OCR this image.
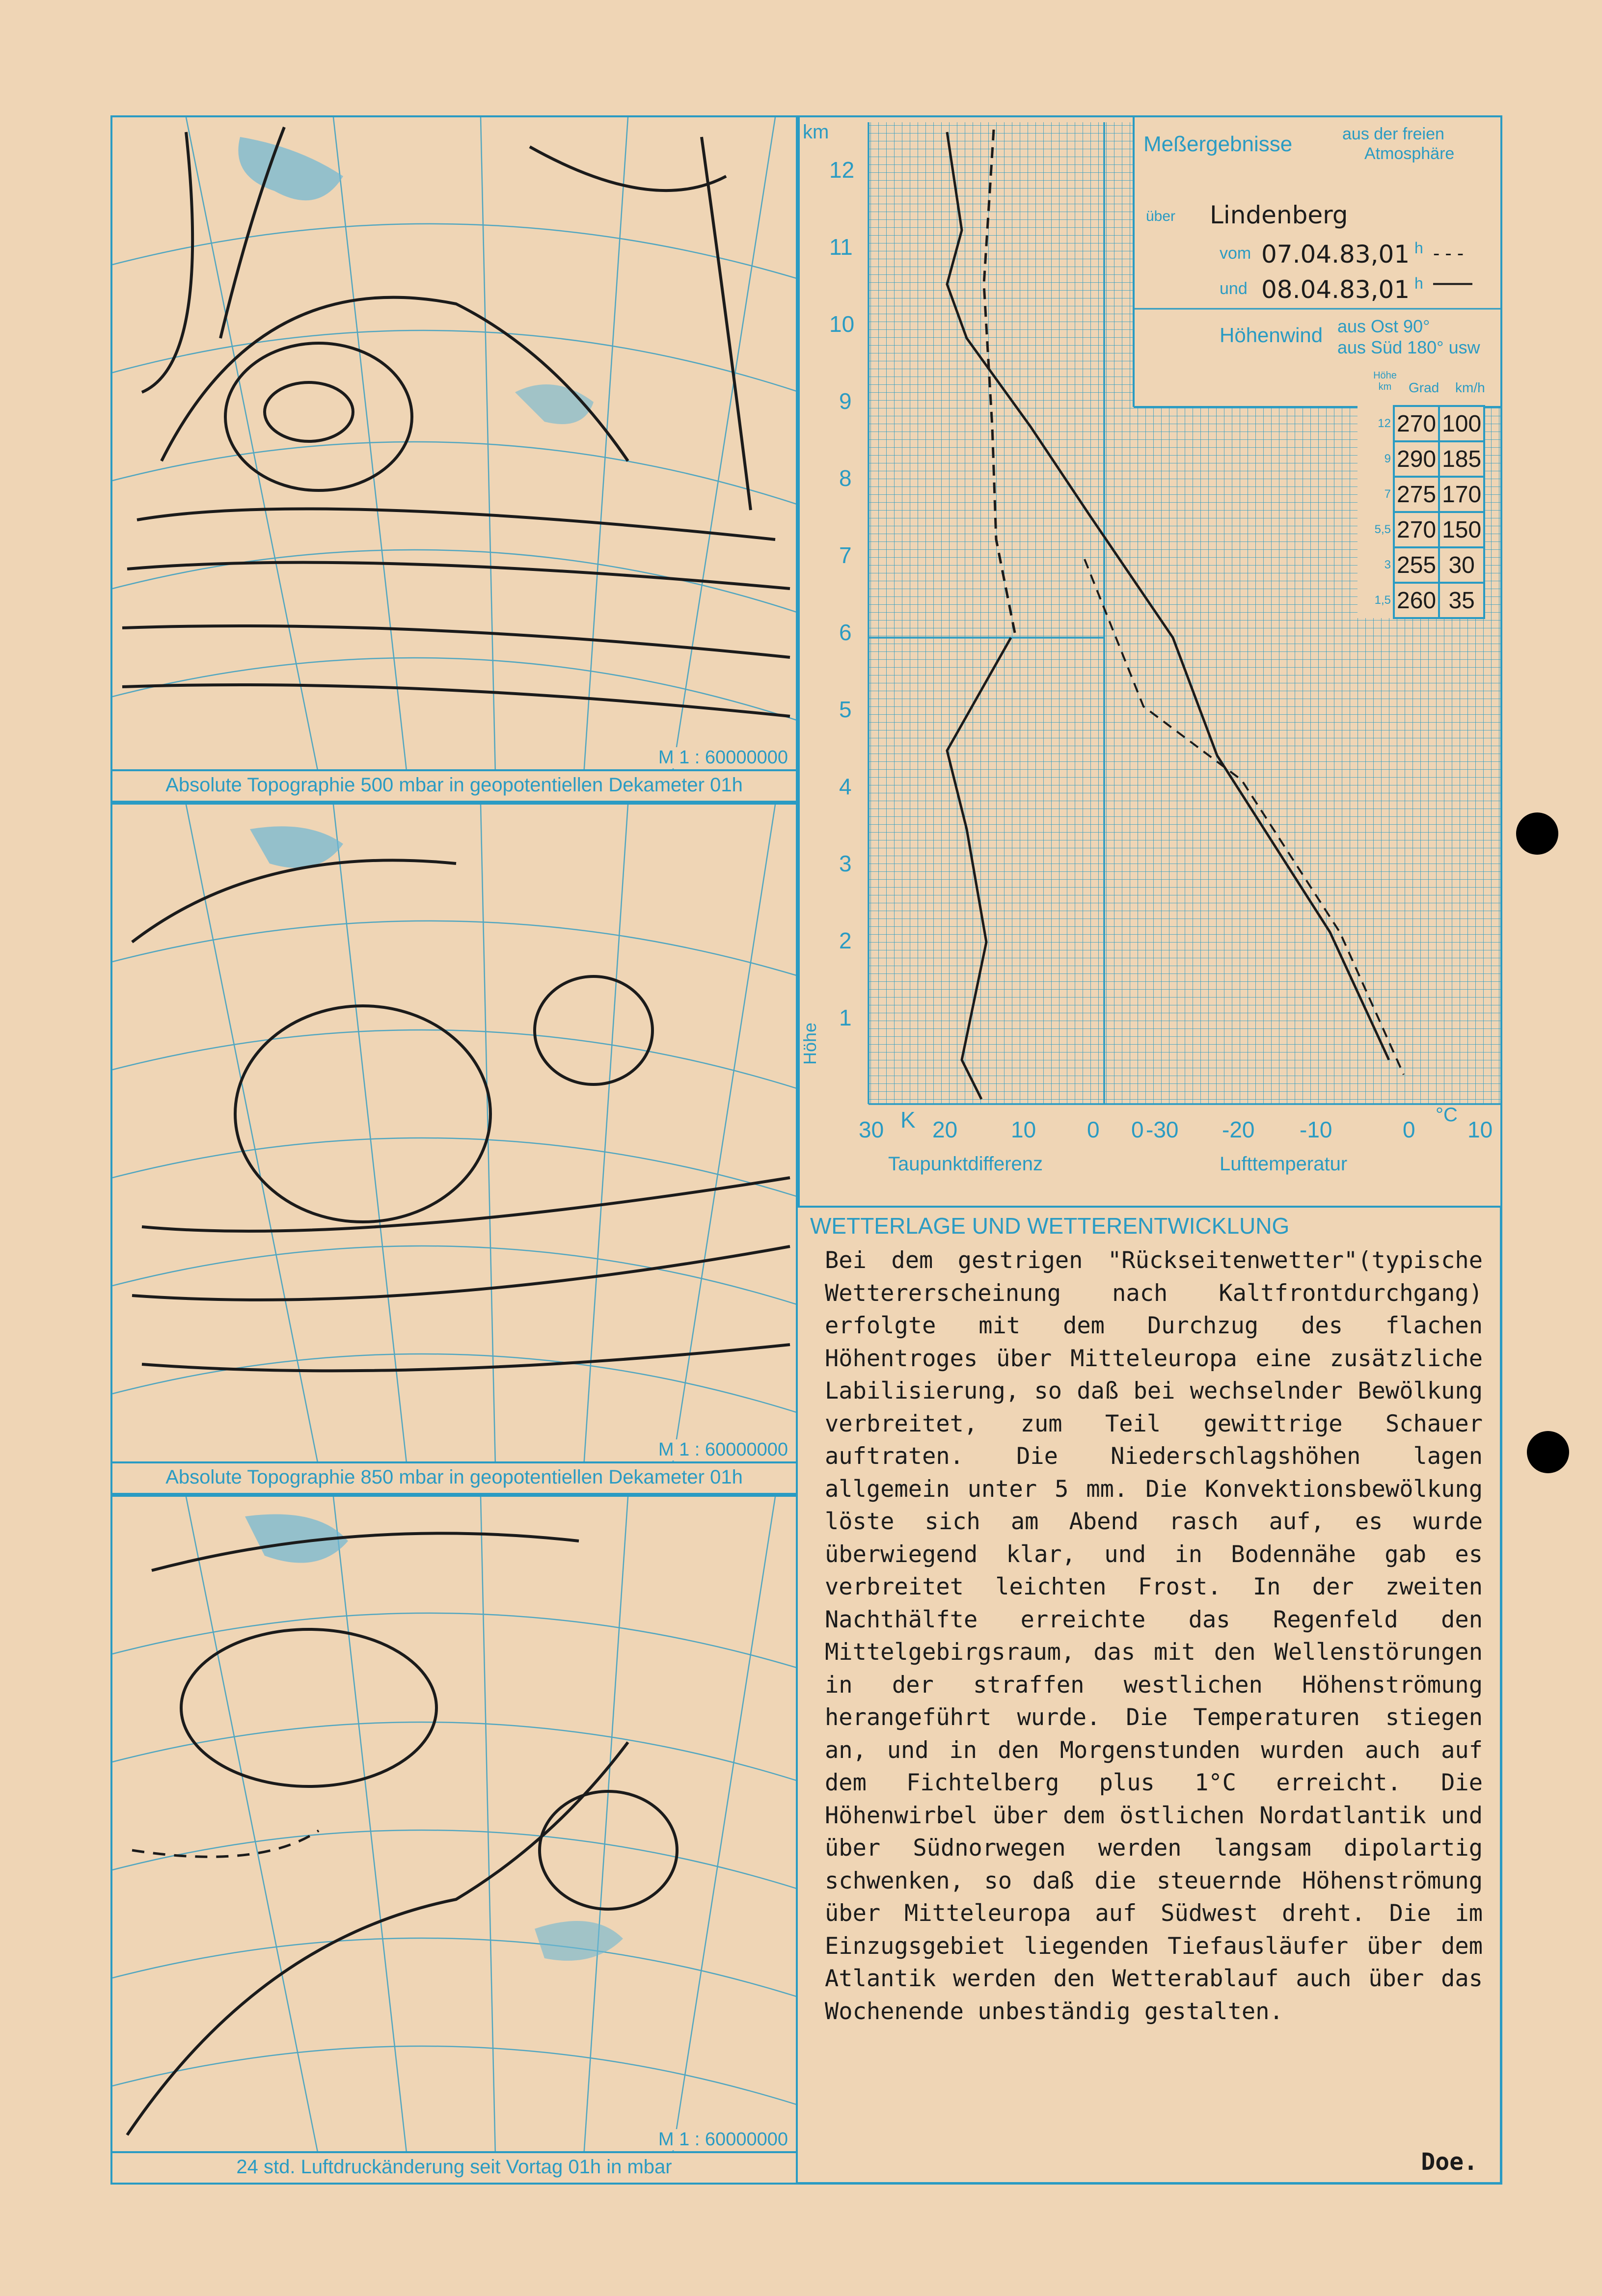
M 1 : 60000000
Absolute Topographie 500 mbar in geopotentiellen Dekameter 01h
M 1 : 60000000
Absolute Topographie 850 mbar in geopotentiellen Dekameter 01h
M 1 : 60000000
24 std. Luftdruckänderung seit Vortag 01h in mbar
km
12
11
10
9
8
7
6
5
4
3
2
1
Höhe
30 K 20 10 0 0 -30 -20 -10	0
°C
10
Taupunktdifferenz	Lufttemperatur
Meßergebnisse	aus der freien
Atmosphäre
über Lindenberg
vom 07.04.83,01 h - - -
und 08.04.83,01 h ——
Höhenwind aus Ost 90°
aus Süd 180° usw
Höhe km	Grad km/h
12	270	100
9	290	185
7	275	170
5,5	270	150
3	255	30
1,5	260	35
WETTERLAGE UND WETTERENTWICKLUNG
Bei dem gestrigen "Rückseitenwetter"(typische Wettererscheinung nach Kaltfrontdurchgang) erfolgte mit dem Durchzug des flachen Höhentroges über Mitteleuropa eine zusätzliche Labilisierung, so daß bei wechselnder Bewölkung verbreitet, zum Teil gewittrige Schauer auftraten. Die Niederschlagshöhen lagen allgemein unter 5 mm. Die Konvektionsbewölkung löste sich am Abend rasch auf, es wurde überwiegend klar, und in Bodennähe gab es verbreitet leichten Frost. In der zweiten Nachthälfte erreichte das Regenfeld den Mittelgebirgsraum, das mit den Wellenstörungen in der straffen westlichen Höhenströmung herangeführt wurde. Die Temperaturen stiegen an, und in den Morgenstunden wurden auch auf dem Fichtelberg plus 1°C erreicht. Die Höhenwirbel über dem östlichen Nordatlantik und über Südnorwegen werden langsam dipolartig schwenken, so daß die steuernde Höhenströmung über Mitteleuropa auf Südwest dreht. Die im Einzugsgebiet liegenden Tiefausläufer über dem Atlantik werden den Wetterablauf auch über das Wochenende unbeständig gestalten.
Doe.
